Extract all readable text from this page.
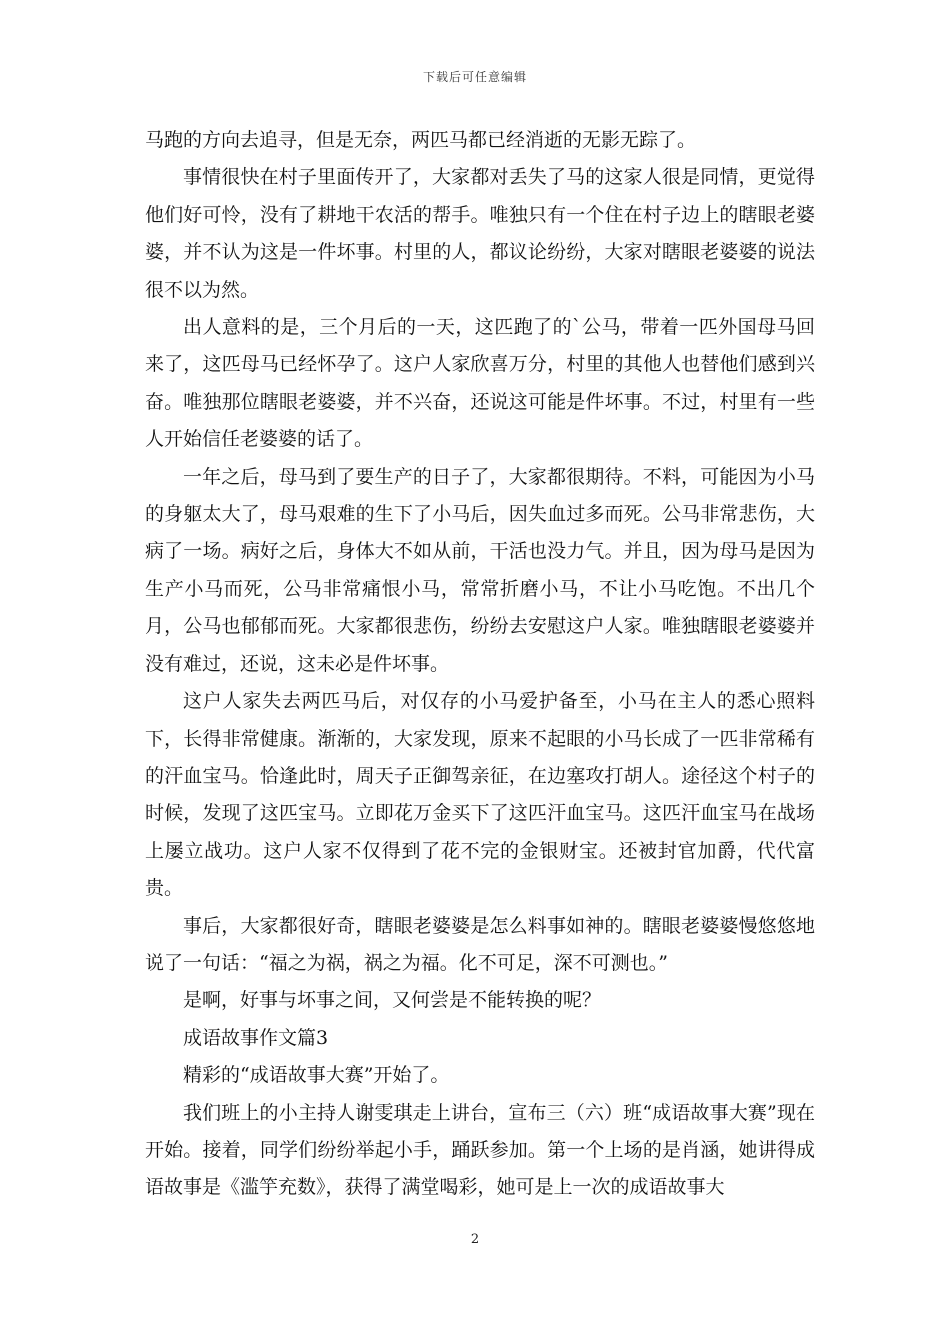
下载后可任意编辑

马跑的方向去追寻，但是无奈，两匹马都已经消逝的无影无踪了。

事情很快在村子里面传开了，大家都对丢失了马的这家人很是同情，更觉得他们好可怜，没有了耕地干农活的帮手。唯独只有一个住在村子边上的瞎眼老婆婆，并不认为这是一件坏事。村里的人，都议论纷纷，大家对瞎眼老婆婆的说法很不以为然。

出人意料的是，三个月后的一天，这匹跑了的`公马，带着一匹外国母马回来了，这匹母马已经怀孕了。这户人家欣喜万分，村里的其他人也替他们感到兴奋。唯独那位瞎眼老婆婆，并不兴奋，还说这可能是件坏事。不过，村里有一些人开始信任老婆婆的话了。

一年之后，母马到了要生产的日子了，大家都很期待。不料，可能因为小马的身躯太大了，母马艰难的生下了小马后，因失血过多而死。公马非常悲伤，大病了一场。病好之后，身体大不如从前，干活也没力气。并且，因为母马是因为生产小马而死，公马非常痛恨小马，常常折磨小马，不让小马吃饱。不出几个月，公马也郁郁而死。大家都很悲伤，纷纷去安慰这户人家。唯独瞎眼老婆婆并没有难过，还说，这未必是件坏事。

这户人家失去两匹马后，对仅存的小马爱护备至，小马在主人的悉心照料下，长得非常健康。渐渐的，大家发现，原来不起眼的小马长成了一匹非常稀有的汗血宝马。恰逢此时，周天子正御驾亲征，在边塞攻打胡人。途径这个村子的时候，发现了这匹宝马。立即花万金买下了这匹汗血宝马。这匹汗血宝马在战场上屡立战功。这户人家不仅得到了花不完的金银财宝。还被封官加爵，代代富贵。

事后，大家都很好奇，瞎眼老婆婆是怎么料事如神的。瞎眼老婆婆慢悠悠地说了一句话：“福之为祸，祸之为福。化不可足，深不可测也。”

是啊，好事与坏事之间，又何尝是不能转换的呢？

成语故事作文篇3

精彩的“成语故事大赛”开始了。

我们班上的小主持人谢雯琪走上讲台，宣布三（六）班“成语故事大赛”现在开始。接着，同学们纷纷举起小手，踊跃参加。第一个上场的是肖涵，她讲得成语故事是《滥竽充数》，获得了满堂喝彩，她可是上一次的成语故事大

2
